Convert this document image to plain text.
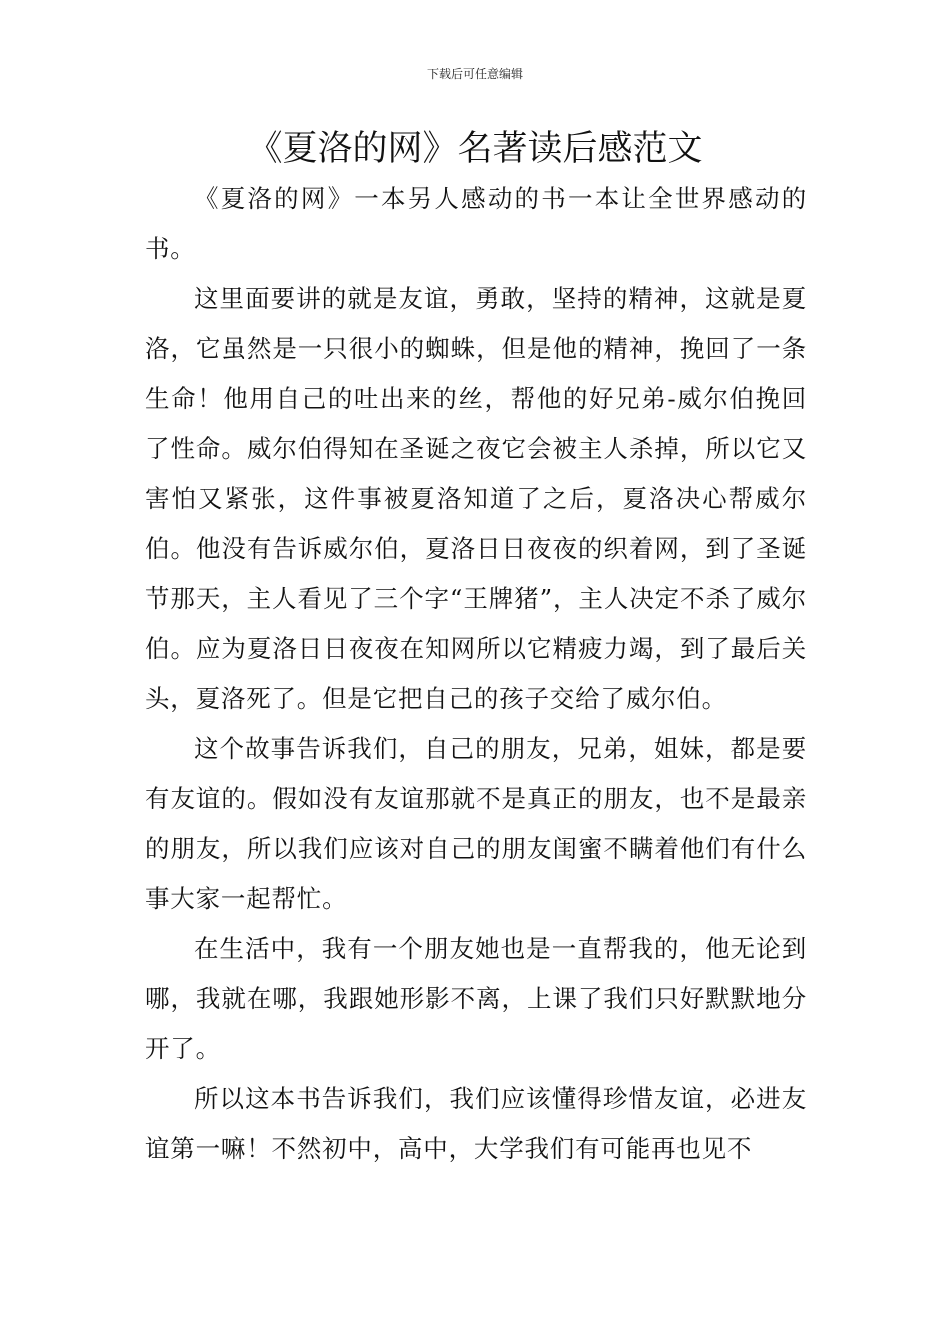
下载后可任意编辑
《夏洛的网》名著读后感范文

《夏洛的网》一本另人感动的书一本让全世界感动的书。

这里面要讲的就是友谊，勇敢，坚持的精神，这就是夏洛，它虽然是一只很小的蜘蛛，但是他的精神，挽回了一条生命！他用自己的吐出来的丝，帮他的好兄弟-威尔伯挽回了性命。威尔伯得知在圣诞之夜它会被主人杀掉，所以它又害怕又紧张，这件事被夏洛知道了之后，夏洛决心帮威尔伯。他没有告诉威尔伯，夏洛日日夜夜的织着网，到了圣诞节那天，主人看见了三个字“王牌猪”，主人决定不杀了威尔伯。应为夏洛日日夜夜在知网所以它精疲力竭，到了最后关头，夏洛死了。但是它把自己的孩子交给了威尔伯。

这个故事告诉我们，自己的朋友，兄弟，姐妹，都是要有友谊的。假如没有友谊那就不是真正的朋友，也不是最亲的朋友，所以我们应该对自己的朋友闺蜜不瞒着他们有什么事大家一起帮忙。

在生活中，我有一个朋友她也是一直帮我的，他无论到哪，我就在哪，我跟她形影不离，上课了我们只好默默地分开了。

所以这本书告诉我们，我们应该懂得珍惜友谊，必进友谊第一嘛！不然初中，高中，大学我们有可能再也见不
